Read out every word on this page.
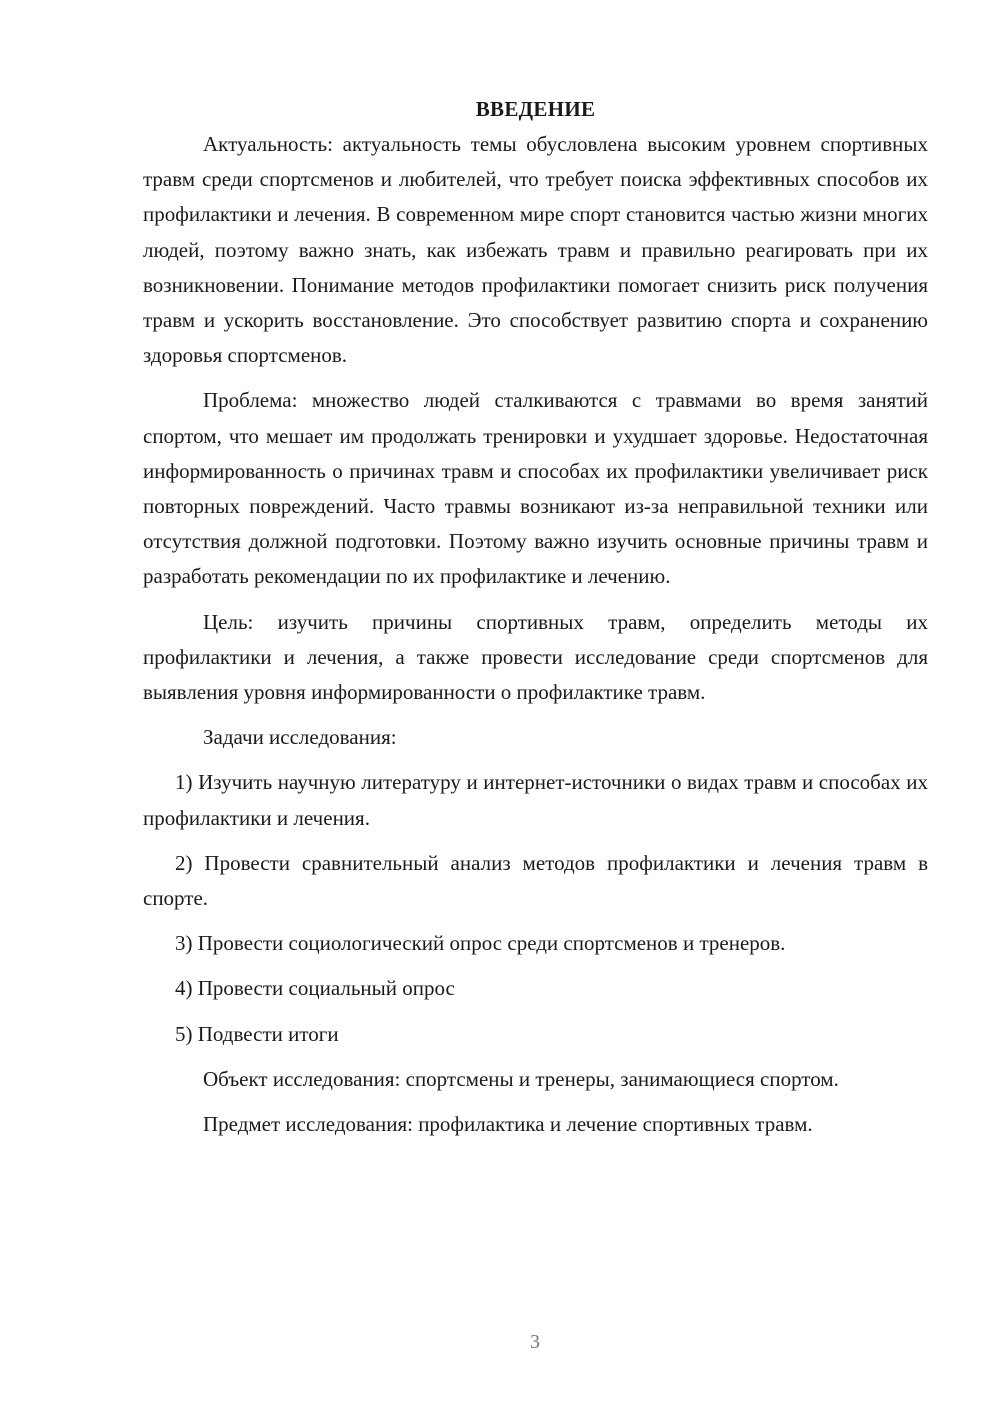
ВВЕДЕНИЕ

Актуальность: актуальность темы обусловлена высоким уровнем спортивных травм среди спортсменов и любителей, что требует поиска эффективных способов их профилактики и лечения. В современном мире спорт становится частью жизни многих людей, поэтому важно знать, как избежать травм и правильно реагировать при их возникновении. Понимание методов профилактики помогает снизить риск получения травм и ускорить восстановление. Это способствует развитию спорта и сохранению здоровья спортсменов.

Проблема: множество людей сталкиваются с травмами во время занятий спортом, что мешает им продолжать тренировки и ухудшает здоровье. Недостаточная информированность о причинах травм и способах их профилактики увеличивает риск повторных повреждений. Часто травмы возникают из-за неправильной техники или отсутствия должной подготовки. Поэтому важно изучить основные причины травм и разработать рекомендации по их профилактике и лечению.

Цель: изучить причины спортивных травм, определить методы их профилактики и лечения, а также провести исследование среди спортсменов для выявления уровня информированности о профилактике травм.

Задачи исследования:

1) Изучить научную литературу и интернет-источники о видах травм и способах их профилактики и лечения.

2) Провести сравнительный анализ методов профилактики и лечения травм в спорте.

3) Провести социологический опрос среди спортсменов и тренеров.

4) Провести социальный опрос

5) Подвести итоги

Объект исследования: спортсмены и тренеры, занимающиеся спортом.

Предмет исследования: профилактика и лечение спортивных травм.

3
